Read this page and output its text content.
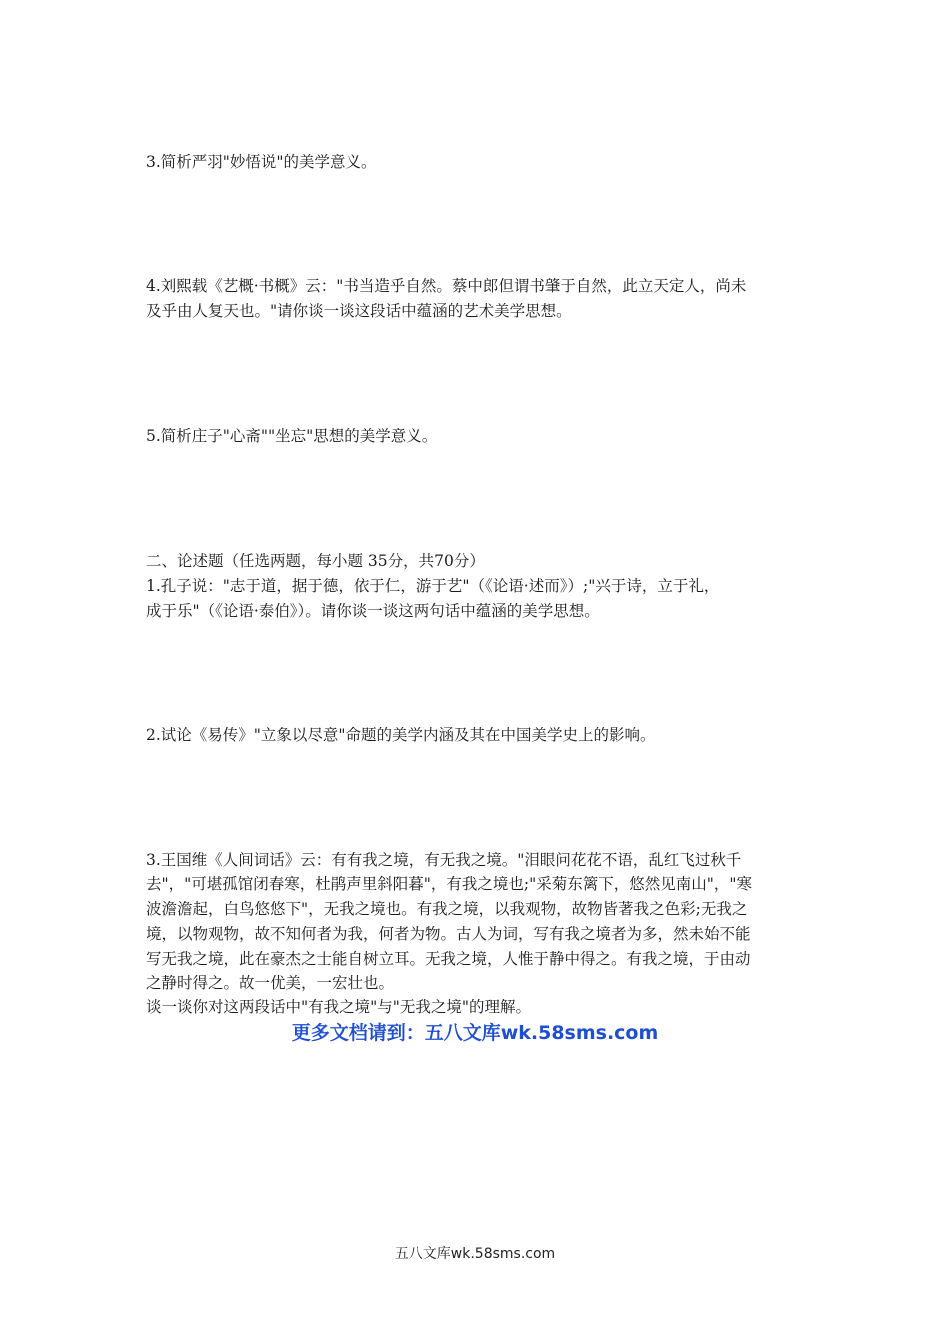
3.简析严羽"妙悟说"的美学意义。
4.刘熙载《艺概·书概》云："书当造乎自然。蔡中郎但谓书肇于自然，此立天定人，尚未
及乎由人复天也。"请你谈一谈这段话中蕴涵的艺术美学思想。
5.简析庄子"心斋""坐忘"思想的美学意义。
二、论述题（任选两题，每小题 35分，共70分）
1.孔子说："志于道，据于德，依于仁，游于艺"（《论语·述而》）;"兴于诗，立于礼，
成于乐"（《论语·泰伯》）。请你谈一谈这两句话中蕴涵的美学思想。
2.试论《易传》"立象以尽意"命题的美学内涵及其在中国美学史上的影响。
3.王国维《人间词话》云：有有我之境，有无我之境。"泪眼问花花不语，乱红飞过秋千
去"，"可堪孤馆闭春寒，杜鹃声里斜阳暮"，有我之境也;"采菊东篱下，悠然见南山"，"寒
波澹澹起，白鸟悠悠下"，无我之境也。有我之境，以我观物，故物皆著我之色彩;无我之
境，以物观物，故不知何者为我，何者为物。古人为词，写有我之境者为多，然未始不能
写无我之境，此在豪杰之士能自树立耳。无我之境，人惟于静中得之。有我之境，于由动
之静时得之。故一优美，一宏壮也。
谈一谈你对这两段话中"有我之境"与"无我之境"的理解。
更多文档请到：五八文库wk.58sms.com
五八文库wk.58sms.com
